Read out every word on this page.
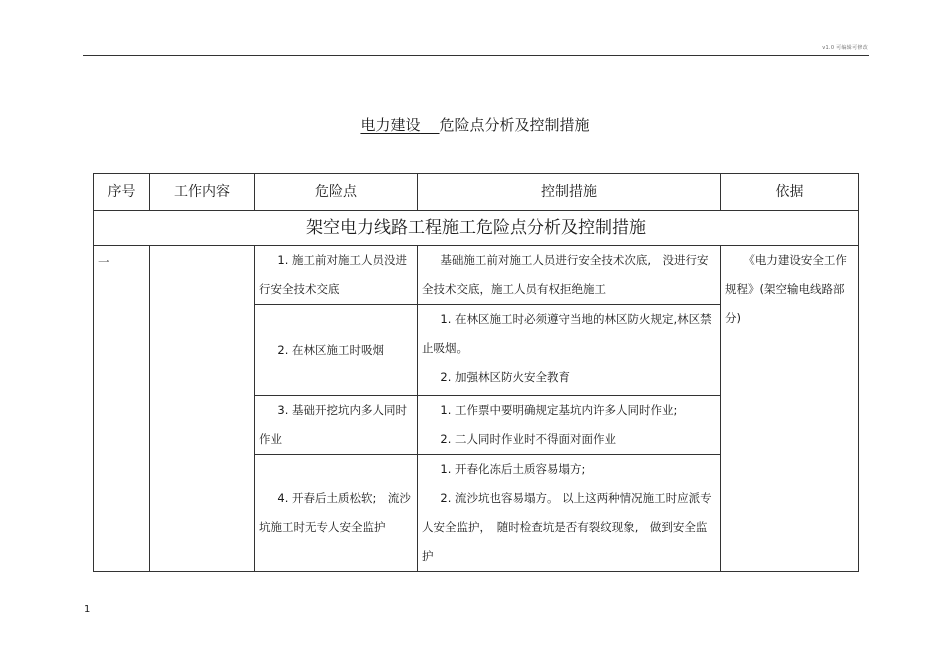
v1.0 可编辑可修改
电力建设 危险点分析及控制措施
序号	工作内容	危险点	控制措施	依据
架空电力线路工程施工危险点分析及控制措施				

一		1. 施工前对施工人员没进行安全技术交底	基础施工前对施工人员进行安全技术次底,　没进行安全技术交底，施工人员有权拒绝施工	《电力建设安全工作规程》(架空输电线路部分)

		2. 在林区施工时吸烟	1. 在林区施工时必须遵守当地的林区防火规定,林区禁止吸烟。
2. 加强林区防火安全教育	

		3. 基础开挖坑内多人同时作业	1. 工作票中要明确规定基坑内许多人同时作业;
2. 二人同时作业时不得面对面作业	

		4. 开春后土质松软;　流沙坑施工时无专人安全监护	1. 开春化冻后土质容易塌方;
2. 流沙坑也容易塌方。 以上这两种情况施工时应派专人安全监护，　随时检查坑是否有裂纹现象,　做到安全监护	
1
